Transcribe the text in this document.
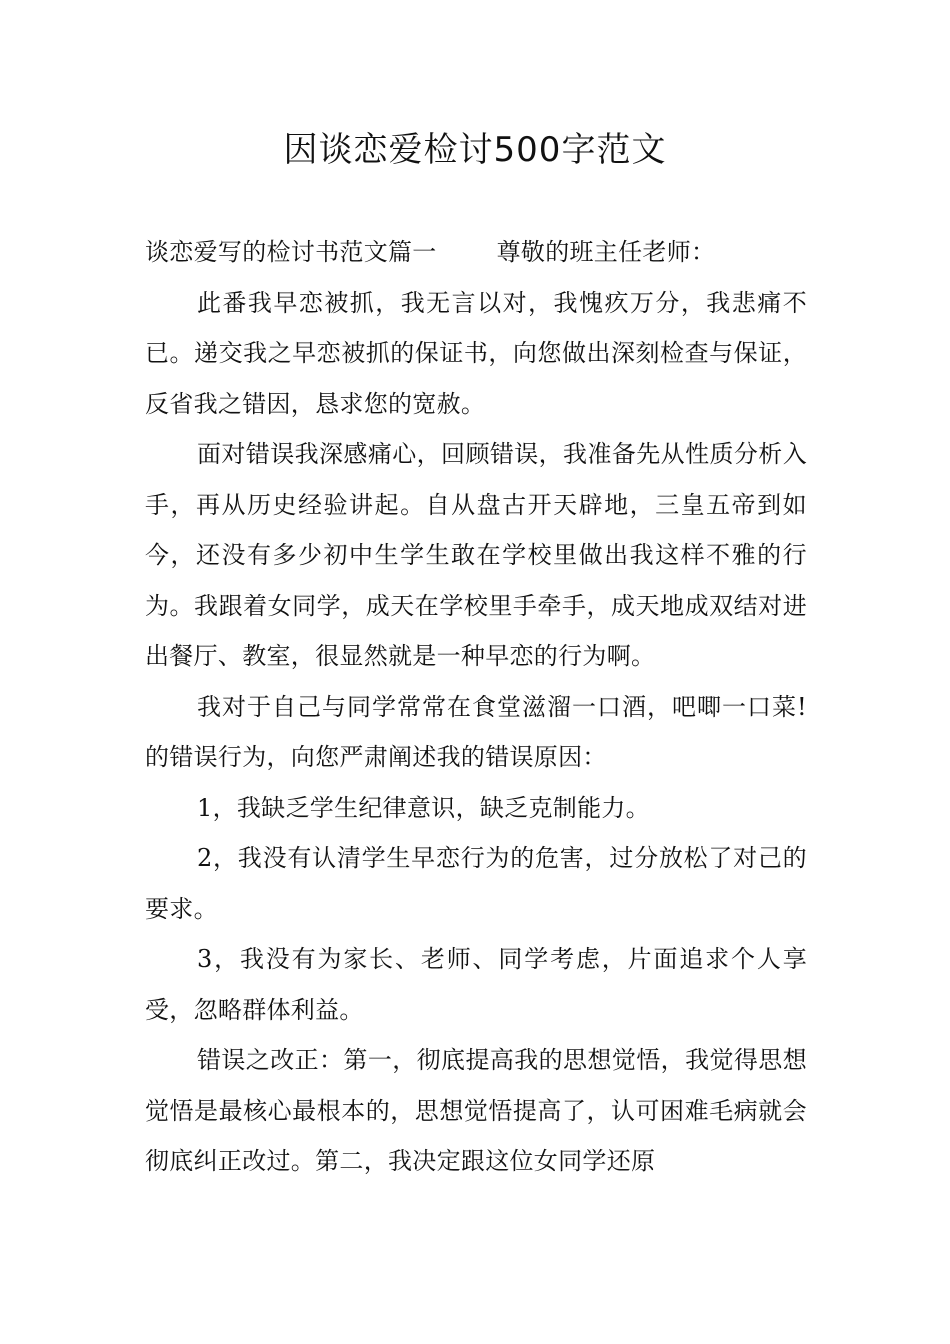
因谈恋爱检讨500字范文

谈恋爱写的检讨书范文篇一	尊敬的班主任老师：

此番我早恋被抓，我无言以对，我愧疚万分，我悲痛不已。递交我之早恋被抓的保证书，向您做出深刻检查与保证，反省我之错因，恳求您的宽赦。

面对错误我深感痛心，回顾错误，我准备先从性质分析入手，再从历史经验讲起。自从盘古开天辟地，三皇五帝到如今，还没有多少初中生学生敢在学校里做出我这样不雅的行为。我跟着女同学，成天在学校里手牵手，成天地成双结对进出餐厅、教室，很显然就是一种早恋的行为啊。

我对于自己与同学常常在食堂滋溜一口酒，吧唧一口菜!的错误行为，向您严肃阐述我的错误原因：

1，我缺乏学生纪律意识，缺乏克制能力。

2，我没有认清学生早恋行为的危害，过分放松了对己的要求。

3，我没有为家长、老师、同学考虑，片面追求个人享受，忽略群体利益。

错误之改正：第一，彻底提高我的思想觉悟，我觉得思想觉悟是最核心最根本的，思想觉悟提高了，认可困难毛病就会彻底纠正改过。第二，我决定跟这位女同学还原
